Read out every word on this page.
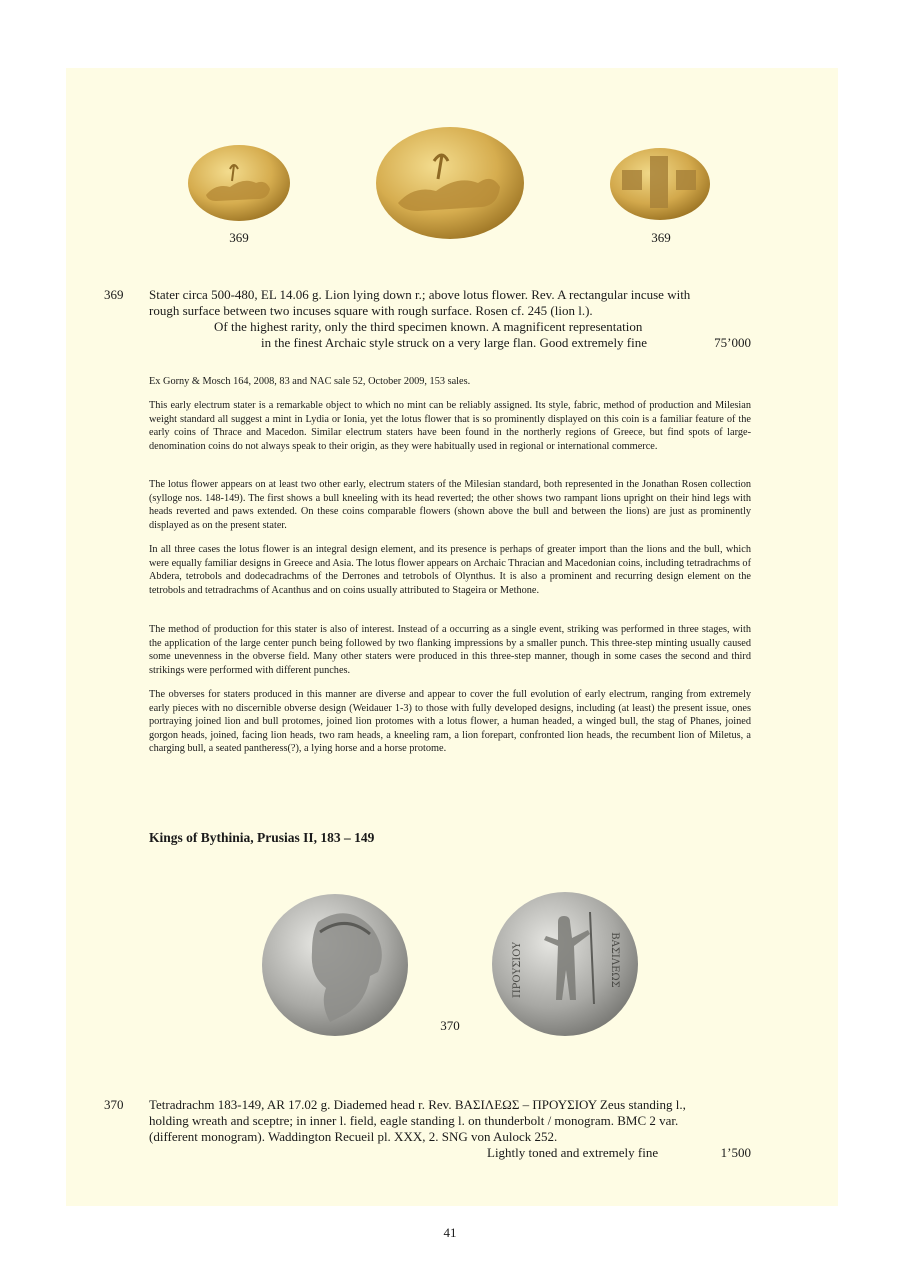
369	369
369 Stater circa 500-480, EL 14.06 g. Lion lying down r.; above lotus flower. Rev. A rectangular incuse with
rough surface between two incuses square with rough surface. Rosen cf. 245 (lion l.).
Of the highest rarity, only the third specimen known. A magnificent representation
in the finest Archaic style struck on a very large flan. Good extremely fine	75’000
Ex Gorny & Mosch 164, 2008, 83 and NAC sale 52, October 2009, 153 sales.
This early electrum stater is a remarkable object to which no mint can be reliably assigned. Its style, fabric, method of production and Milesian weight standard all suggest a mint in Lydia or Ionia, yet the lotus flower that is so prominently displayed on this coin is a familiar feature of the early coins of Thrace and Macedon. Similar electrum staters have been found in the northerly regions of Greece, but find spots of large-denomination coins do not always speak to their origin, as they were habitually used in regional or international commerce.
The lotus flower appears on at least two other early, electrum staters of the Milesian standard, both represented in the Jonathan Rosen collection (sylloge nos. 148-149). The first shows a bull kneeling with its head reverted; the other shows two rampant lions upright on their hind legs with heads reverted and paws extended. On these coins comparable flowers (shown above the bull and between the lions) are just as prominently displayed as on the present stater.
In all three cases the lotus flower is an integral design element, and its presence is perhaps of greater import than the lions and the bull, which were equally familiar designs in Greece and Asia. The lotus flower appears on Archaic Thracian and Macedonian coins, including tetradrachms of Abdera, tetrobols and dodecadrachms of the Derrones and tetrobols of Olynthus. It is also a prominent and recurring design element on the tetrobols and tetradrachms of Acanthus and on coins usually attributed to Stageira or Methone.
The method of production for this stater is also of interest. Instead of a occurring as a single event, striking was performed in three stages, with the application of the large center punch being followed by two flanking impressions by a smaller punch. This three-step minting usually caused some unevenness in the obverse field. Many other staters were produced in this three-step manner, though in some cases the second and third strikings were performed with different punches.
The obverses for staters produced in this manner are diverse and appear to cover the full evolution of early electrum, ranging from extremely early pieces with no discernible obverse design (Weidauer 1-3) to those with fully developed designs, including (at least) the present issue, ones portraying joined lion and bull protomes, joined lion protomes with a lotus flower, a human headed, a winged bull, the stag of Phanes, joined gorgon heads, joined, facing lion heads, two ram heads, a kneeling ram, a lion forepart, confronted lion heads, the recumbent lion of Miletus, a charging bull, a seated pantheress(?), a lying horse and a horse protome.
Kings of Bythinia, Prusias II, 183 – 149
ΠΡΟΥΣΙΟΥ	ΒΑΣΙΛΕΩΣ
370
370 Tetradrachm 183-149, AR 17.02 g. Diademed head r. Rev. ΒΑΣΙΛΕΩΣ – ΠΡΟΥΣΙΟΥ Zeus standing l.,
holding wreath and sceptre; in inner l. field, eagle standing l. on thunderbolt / monogram. BMC 2 var.
(different monogram). Waddington Recueil pl. XXX, 2. SNG von Aulock 252.
Lightly toned and extremely fine	1’500
41
